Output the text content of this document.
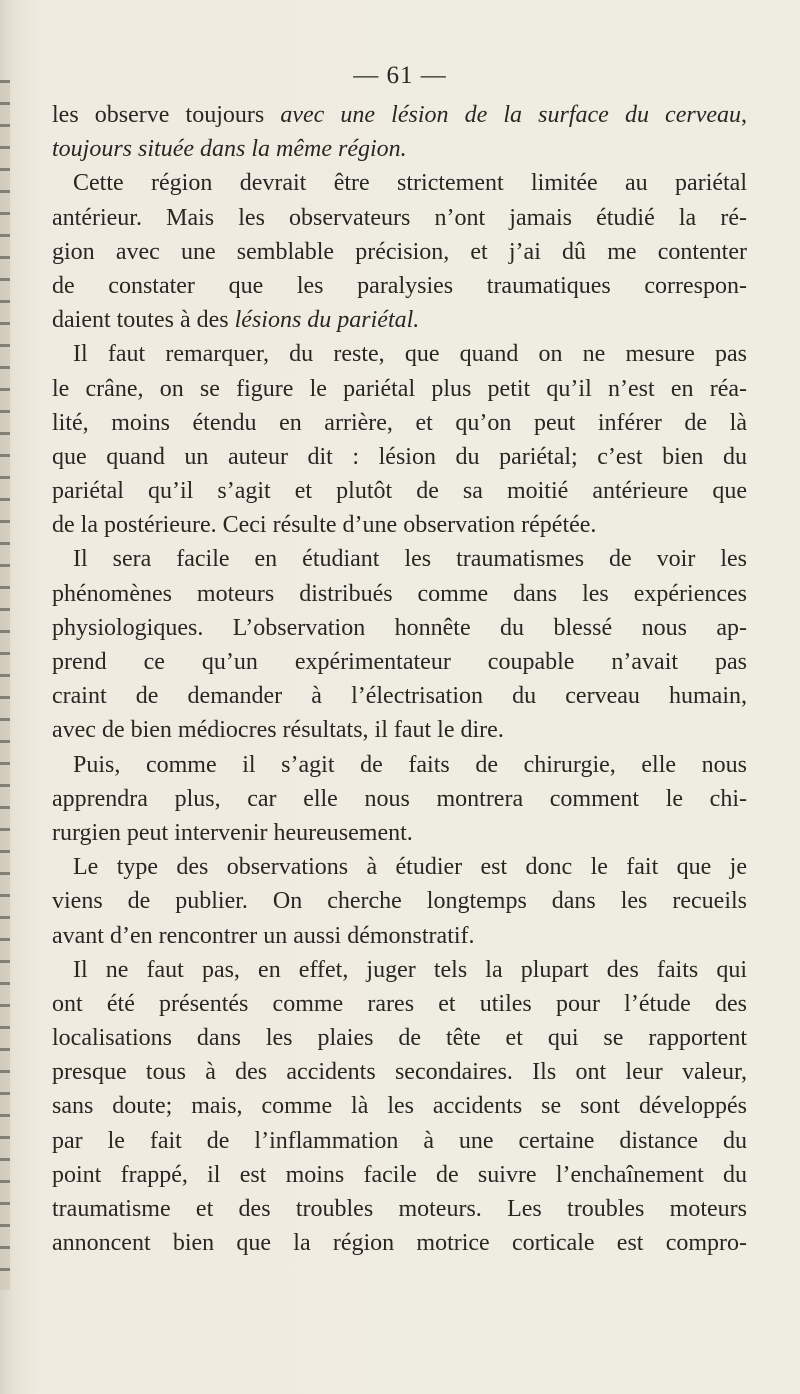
— 61 —
les observe toujours avec une lésion de la surface du cerveau,
toujours située dans la même région.
Cette région devrait être strictement limitée au pariétal
antérieur. Mais les observateurs n’ont jamais étudié la ré-
gion avec une semblable précision, et j’ai dû me contenter
de constater que les paralysies traumatiques correspon-
daient toutes à des lésions du pariétal.
Il faut remarquer, du reste, que quand on ne mesure pas
le crâne, on se figure le pariétal plus petit qu’il n’est en réa-
lité, moins étendu en arrière, et qu’on peut inférer de là
que quand un auteur dit : lésion du pariétal; c’est bien du
pariétal qu’il s’agit et plutôt de sa moitié antérieure que
de la postérieure. Ceci résulte d’une observation répétée.
Il sera facile en étudiant les traumatismes de voir les
phénomènes moteurs distribués comme dans les expériences
physiologiques. L’observation honnête du blessé nous ap-
prend ce qu’un expérimentateur coupable n’avait pas
craint de demander à l’électrisation du cerveau humain,
avec de bien médiocres résultats, il faut le dire.
Puis, comme il s’agit de faits de chirurgie, elle nous
apprendra plus, car elle nous montrera comment le chi-
rurgien peut intervenir heureusement.
Le type des observations à étudier est donc le fait que je
viens de publier. On cherche longtemps dans les recueils
avant d’en rencontrer un aussi démonstratif.
Il ne faut pas, en effet, juger tels la plupart des faits qui
ont été présentés comme rares et utiles pour l’étude des
localisations dans les plaies de tête et qui se rapportent
presque tous à des accidents secondaires. Ils ont leur valeur,
sans doute; mais, comme là les accidents se sont développés
par le fait de l’inflammation à une certaine distance du
point frappé, il est moins facile de suivre l’enchaînement du
traumatisme et des troubles moteurs. Les troubles moteurs
annoncent bien que la région motrice corticale est compro-
